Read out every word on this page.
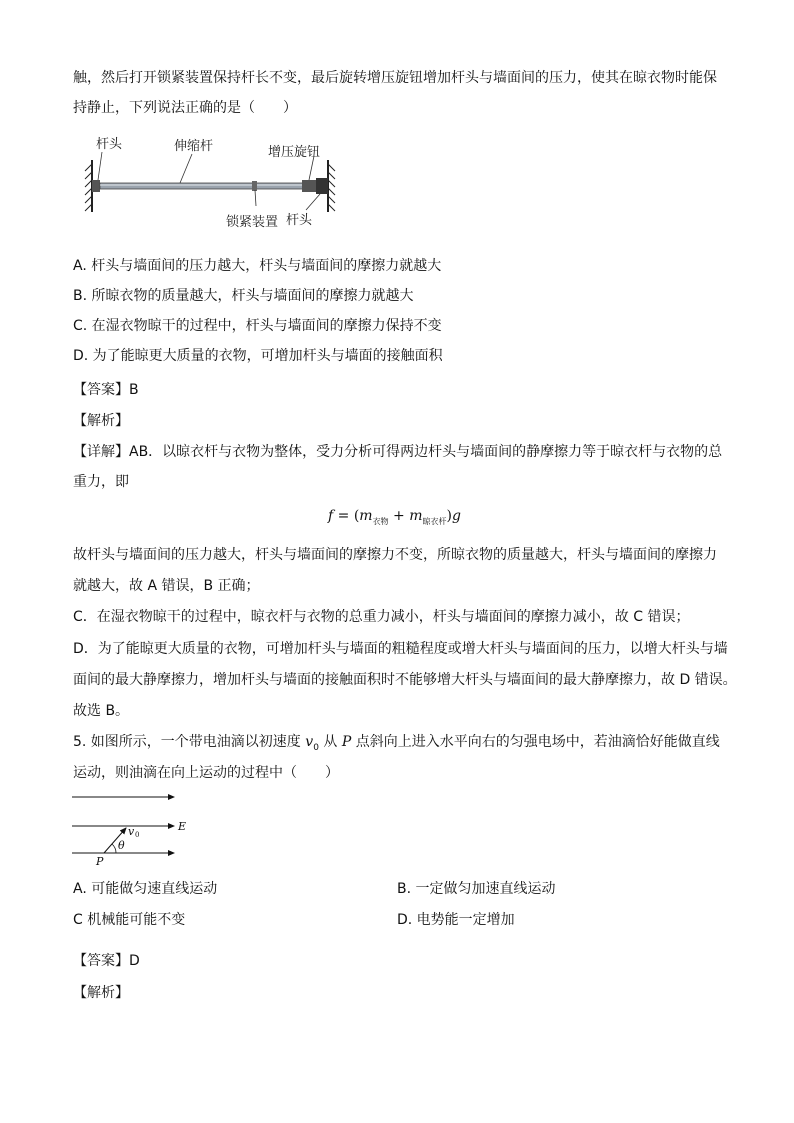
触，然后打开锁紧装置保持杆长不变，最后旋转增压旋钮增加杆头与墙面间的压力，使其在晾衣物时能保
持静止，下列说法正确的是（　　）
杆头	伸缩杆	增压旋钮
锁紧装置 杆头
A. 杆头与墙面间的压力越大，杆头与墙面间的摩擦力就越大
B. 所晾衣物的质量越大，杆头与墙面间的摩擦力就越大
C. 在湿衣物晾干的过程中，杆头与墙面间的摩擦力保持不变
D. 为了能晾更大质量的衣物，可增加杆头与墙面的接触面积
【答案】B
【解析】
【详解】AB．以晾衣杆与衣物为整体，受力分析可得两边杆头与墙面间的静摩擦力等于晾衣杆与衣物的总
重力，即
$f = (m_{衣物} + m_{晾衣杆})g$
故杆头与墙面间的压力越大，杆头与墙面间的摩擦力不变，所晾衣物的质量越大，杆头与墙面间的摩擦力
就越大，故 A 错误，B 正确；
C．在湿衣物晾干的过程中，晾衣杆与衣物的总重力减小，杆头与墙面间的摩擦力减小，故 C 错误；
D．为了能晾更大质量的衣物，可增加杆头与墙面的粗糙程度或增大杆头与墙面间的压力，以增大杆头与墙
面间的最大静摩擦力，增加杆头与墙面的接触面积时不能够增大杆头与墙面间的最大静摩擦力，故 D 错误。
故选 B。
5. 如图所示，一个带电油滴以初速度 $v_0$ 从 P 点斜向上进入水平向右的匀强电场中，若油滴恰好能做直线
运动，则油滴在向上运动的过程中（　　）
E
v 0
θ
P
A. 可能做匀速直线运动	B. 一定做匀加速直线运动
C 机械能可能不变	D. 电势能一定增加
【答案】D
【解析】
